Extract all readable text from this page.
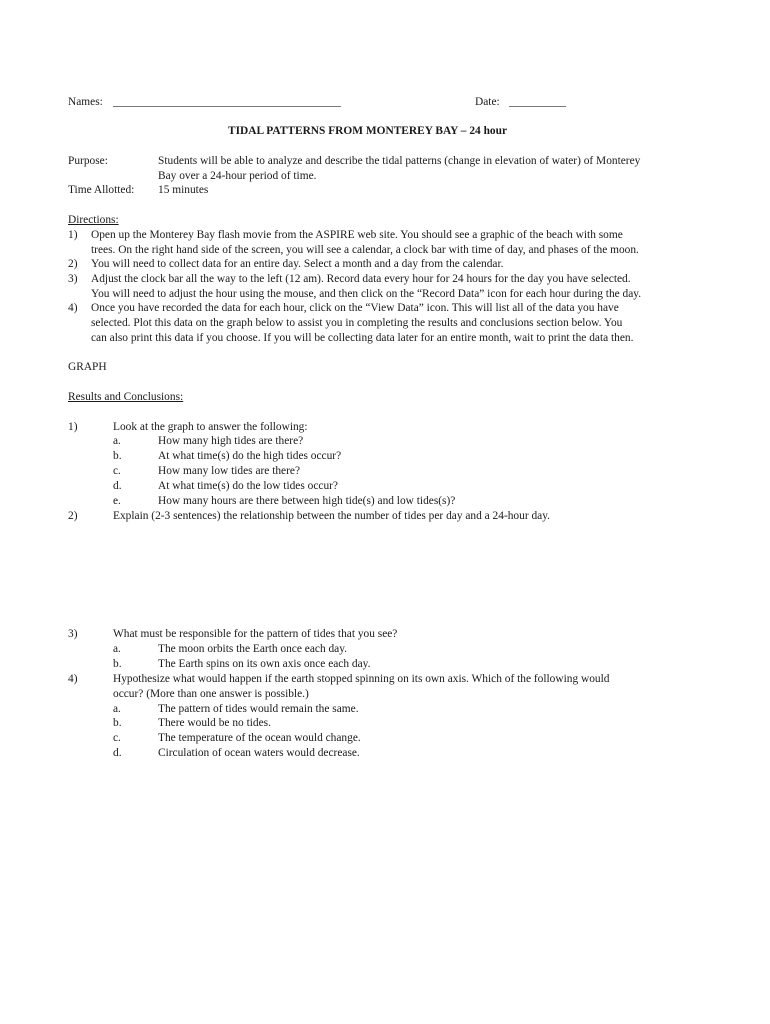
Names: ________________________________________	Date: __________
TIDAL PATTERNS FROM MONTEREY BAY – 24 hour
Purpose:	Students will be able to analyze and describe the tidal patterns (change in elevation of water) of Monterey
Bay over a 24-hour period of time.
Time Allotted: 15 minutes
Directions:
1) Open up the Monterey Bay flash movie from the ASPIRE web site. You should see a graphic of the beach with some
trees. On the right hand side of the screen, you will see a calendar, a clock bar with time of day, and phases of the moon.
2) You will need to collect data for an entire day. Select a month and a day from the calendar.
3) Adjust the clock bar all the way to the left (12 am). Record data every hour for 24 hours for the day you have selected.
You will need to adjust the hour using the mouse, and then click on the “Record Data” icon for each hour during the day.
4) Once you have recorded the data for each hour, click on the “View Data” icon. This will list all of the data you have
selected. Plot this data on the graph below to assist you in completing the results and conclusions section below. You
can also print this data if you choose. If you will be collecting data later for an entire month, wait to print the data then.
GRAPH
Results and Conclusions:
1)	Look at the graph to answer the following:
a.	How many high tides are there?
b.	At what time(s) do the high tides occur?
c.	How many low tides are there?
d.	At what time(s) do the low tides occur?
e.	How many hours are there between high tide(s) and low tides(s)?
2)	Explain (2-3 sentences) the relationship between the number of tides per day and a 24-hour day.
3)	What must be responsible for the pattern of tides that you see?
a.	The moon orbits the Earth once each day.
b.	The Earth spins on its own axis once each day.
4)	Hypothesize what would happen if the earth stopped spinning on its own axis. Which of the following would
occur? (More than one answer is possible.)
a.	The pattern of tides would remain the same.
b.	There would be no tides.
c.	The temperature of the ocean would change.
d.	Circulation of ocean waters would decrease.
